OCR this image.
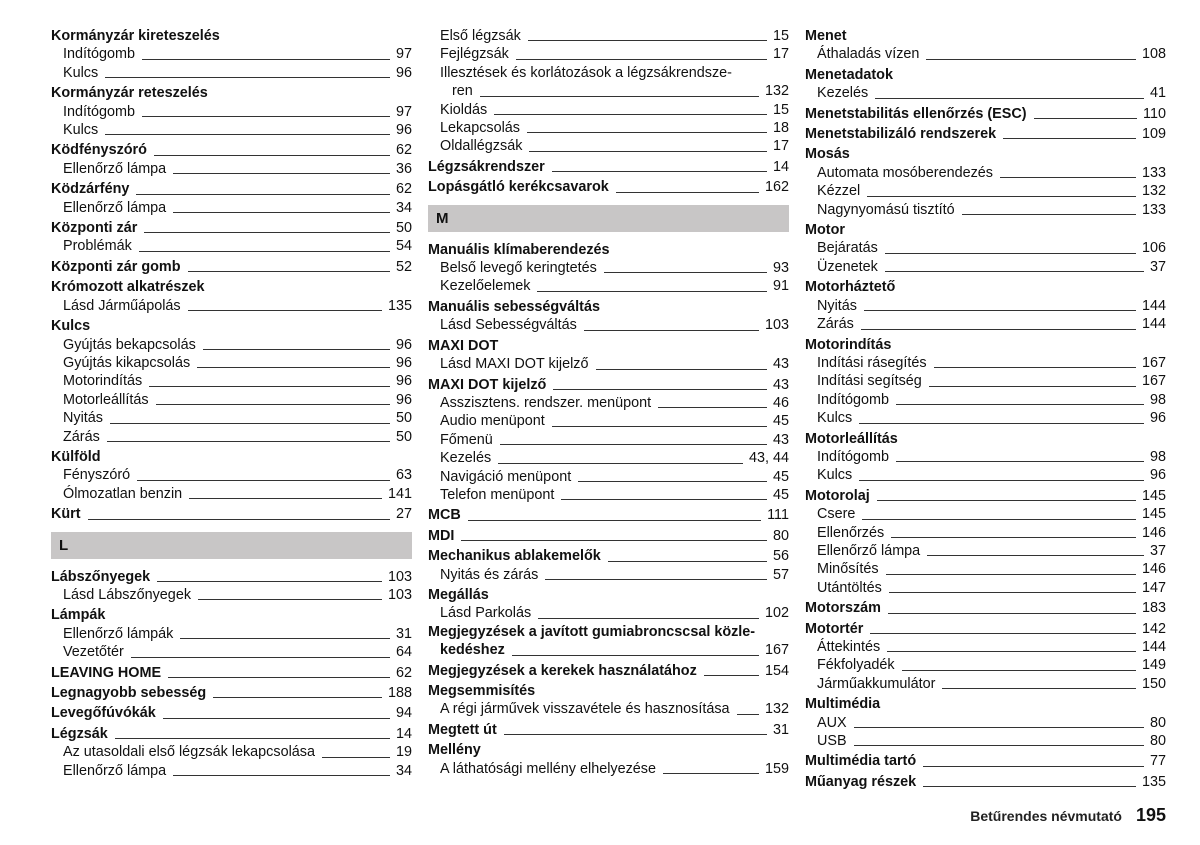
Kormányzár kireteszelés
Indítógomb	97
Kulcs	96
Kormányzár reteszelés
Indítógomb	97
Kulcs	96
Ködfényszóró	62
Ellenőrző lámpa	36
Ködzárfény	62
Ellenőrző lámpa	34
Központi zár	50
Problémák	54
Központi zár gomb	52
Krómozott alkatrészek
Lásd Járműápolás	135
Kulcs
Gyújtás bekapcsolás	96
Gyújtás kikapcsolás	96
Motorindítás	96
Motorleállítás	96
Nyitás	50
Zárás	50
Külföld
Fényszóró	63
Ólmozatlan benzin	141
Kürt	27
L
Lábszőnyegek	103
Lásd Lábszőnyegek	103
Lámpák
Ellenőrző lámpák	31
Vezetőtér	64
LEAVING HOME	62
Legnagyobb sebesség	188
Levegőfúvókák	94
Légzsák	14
Az utasoldali első légzsák lekapcsolása	19
Ellenőrző lámpa	34
Első légzsák	15
Fejlégzsák	17
Illesztések és korlátozások a légzsákrendsze-
ren	132
Kioldás	15
Lekapcsolás	18
Oldallégzsák	17
Légzsákrendszer	14
Lopásgátló kerékcsavarok	162
M
Manuális klímaberendezés
Belső levegő keringtetés	93
Kezelőelemek	91
Manuális sebességváltás
Lásd Sebességváltás	103
MAXI DOT
Lásd MAXI DOT kijelző	43
MAXI DOT kijelző	43
Asszisztens. rendszer. menüpont	46
Audio menüpont	45
Főmenü	43
Kezelés	43, 44
Navigáció menüpont	45
Telefon menüpont	45
MCB	111
MDI	80
Mechanikus ablakemelők	56
Nyitás és zárás	57
Megállás
Lásd Parkolás	102
Megjegyzések a javított gumiabroncscsal közle-
kedéshez	167
Megjegyzések a kerekek használatához	154
Megsemmisítés
A régi járművek visszavétele és hasznosítása 132
Megtett út	31
Mellény
A láthatósági mellény elhelyezése	159
Menet
Áthaladás vízen	108
Menetadatok
Kezelés	41
Menetstabilitás ellenőrzés (ESC)	110
Menetstabilizáló rendszerek	109
Mosás
Automata mosóberendezés	133
Kézzel	132
Nagynyomású tisztító	133
Motor
Bejáratás	106
Üzenetek	37
Motorháztető
Nyitás	144
Zárás	144
Motorindítás
Indítási rásegítés	167
Indítási segítség	167
Indítógomb	98
Kulcs	96
Motorleállítás
Indítógomb	98
Kulcs	96
Motorolaj	145
Csere	145
Ellenőrzés	146
Ellenőrző lámpa	37
Minősítés	146
Utántöltés	147
Motorszám	183
Motortér	142
Áttekintés	144
Fékfolyadék	149
Járműakkumulátor	150
Multimédia
AUX	80
USB	80
Multimédia tartó	77
Műanyag részek	135
Betűrendes névmutató 195
